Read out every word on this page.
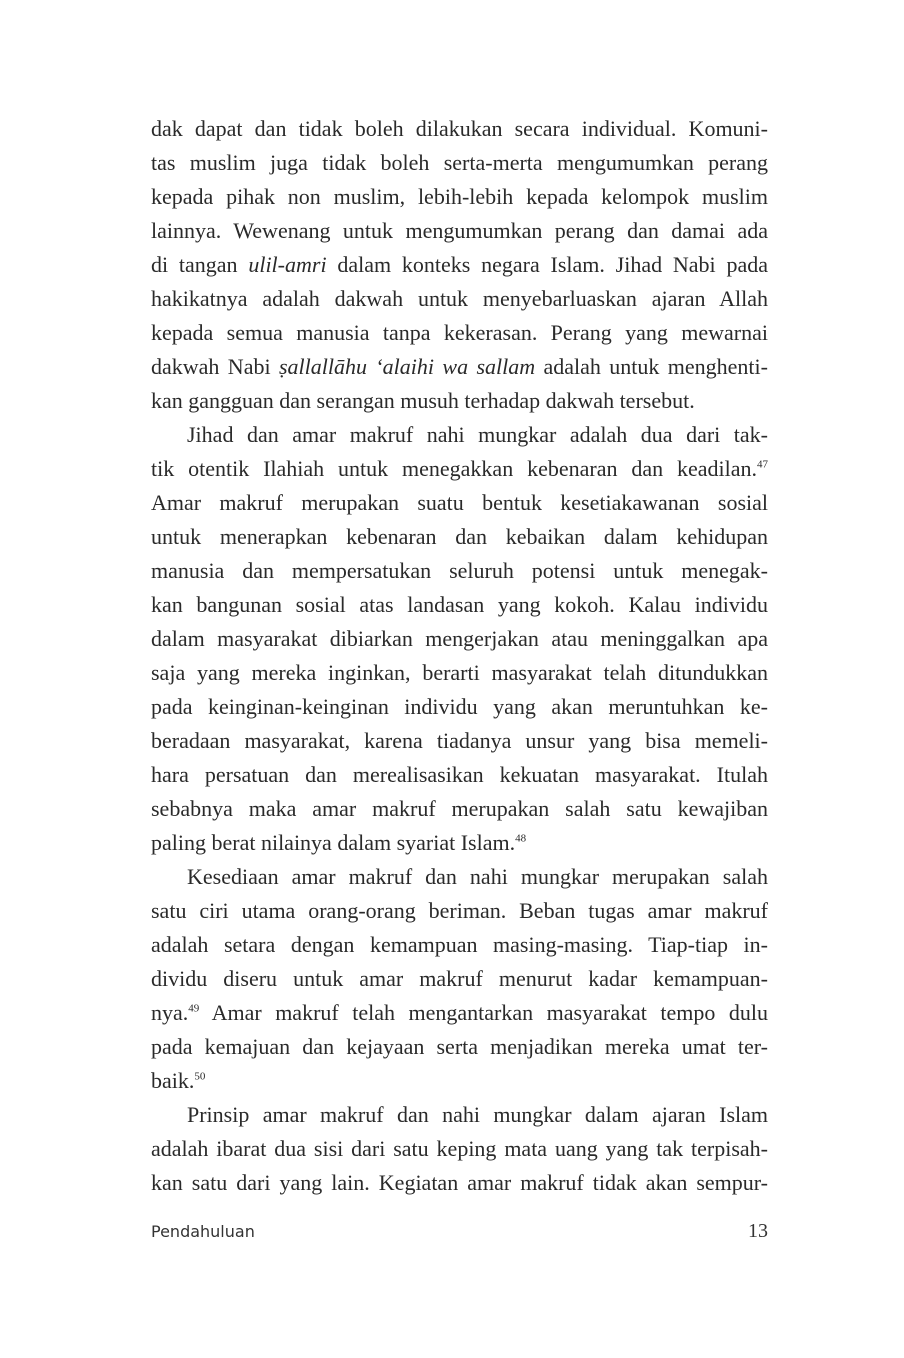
dak dapat dan tidak boleh dilakukan secara individual. Komuni-
tas muslim juga tidak boleh serta-merta mengumumkan perang
kepada pihak non muslim, lebih-lebih kepada kelompok muslim
lainnya. Wewenang untuk mengumumkan perang dan damai ada
di tangan ulil-amri dalam konteks negara Islam. Jihad Nabi pada
hakikatnya adalah dakwah untuk menyebarluaskan ajaran Allah
kepada semua manusia tanpa kekerasan. Perang yang mewarnai
dakwah Nabi ṣallallāhu ‘alaihi wa sallam adalah untuk menghenti-
kan gangguan dan serangan musuh terhadap dakwah tersebut.
Jihad dan amar makruf nahi mungkar adalah dua dari tak-
tik otentik Ilahiah untuk menegakkan kebenaran dan keadilan.$^{47}$
Amar makruf merupakan suatu bentuk kesetiakawanan sosial
untuk menerapkan kebenaran dan kebaikan dalam kehidupan
manusia dan mempersatukan seluruh potensi untuk menegak-
kan bangunan sosial atas landasan yang kokoh. Kalau individu
dalam masyarakat dibiarkan mengerjakan atau meninggalkan apa
saja yang mereka inginkan, berarti masyarakat telah ditundukkan
pada keinginan-keinginan individu yang akan meruntuhkan ke-
beradaan masyarakat, karena tiadanya unsur yang bisa memeli-
hara persatuan dan merealisasikan kekuatan masyarakat. Itulah
sebabnya maka amar makruf merupakan salah satu kewajiban
paling berat nilainya dalam syariat Islam.$^{48}$
Kesediaan amar makruf dan nahi mungkar merupakan salah
satu ciri utama orang-orang beriman. Beban tugas amar makruf
adalah setara dengan kemampuan masing-masing. Tiap-tiap in-
dividu diseru untuk amar makruf menurut kadar kemampuan-
nya.$^{49}$ Amar makruf telah mengantarkan masyarakat tempo dulu
pada kemajuan dan kejayaan serta menjadikan mereka umat ter-
baik.$^{50}$
Prinsip amar makruf dan nahi mungkar dalam ajaran Islam
adalah ibarat dua sisi dari satu keping mata uang yang tak terpisah-
kan satu dari yang lain. Kegiatan amar makruf tidak akan sempur-
Pendahuluan	13
